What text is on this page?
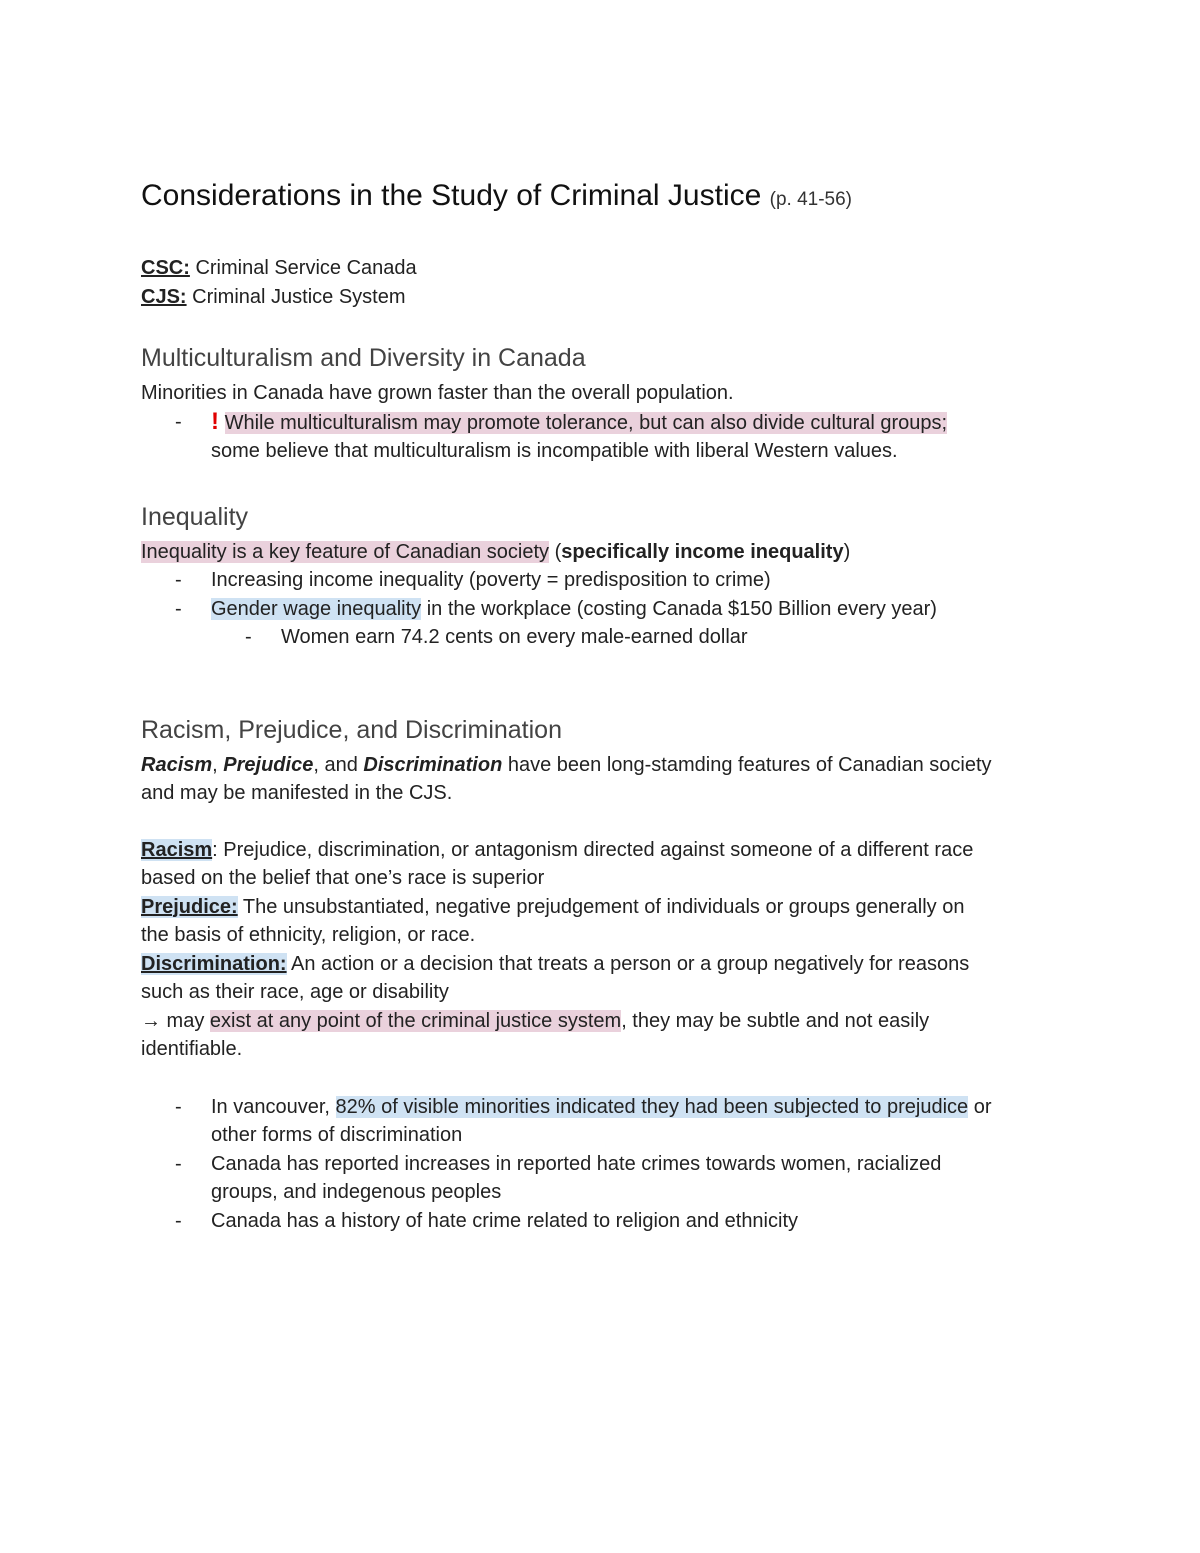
Considerations in the Study of Criminal Justice (p. 41-56)

CSC: Criminal Service Canada

CJS: Criminal Justice System

Multiculturalism and Diversity in Canada

Minorities in Canada have grown faster than the overall population.

- ! While multiculturalism may promote tolerance, but can also divide cultural groups;
some believe that multiculturalism is incompatible with liberal Western values.
Inequality

Inequality is a key feature of Canadian society (specifically income inequality)

- Increasing income inequality (poverty = predisposition to crime)
- Gender wage inequality in the workplace (costing Canada $150 Billion every year)
- Women earn 74.2 cents on every male-earned dollar
Racism, Prejudice, and Discrimination

Racism, Prejudice, and Discrimination have been long-stamding features of Canadian society

and may be manifested in the CJS.

Racism: Prejudice, discrimination, or antagonism directed against someone of a different race

based on the belief that one’s race is superior

Prejudice: The unsubstantiated, negative prejudgement of individuals or groups generally on

the basis of ethnicity, religion, or race.

Discrimination: An action or a decision that treats a person or a group negatively for reasons

such as their race, age or disability

→ may exist at any point of the criminal justice system, they may be subtle and not easily

identifiable.

- In vancouver, 82% of visible minorities indicated they had been subjected to prejudice or
other forms of discrimination
- Canada has reported increases in reported hate crimes towards women, racialized
groups, and indegenous peoples
- Canada has a history of hate crime related to religion and ethnicity
